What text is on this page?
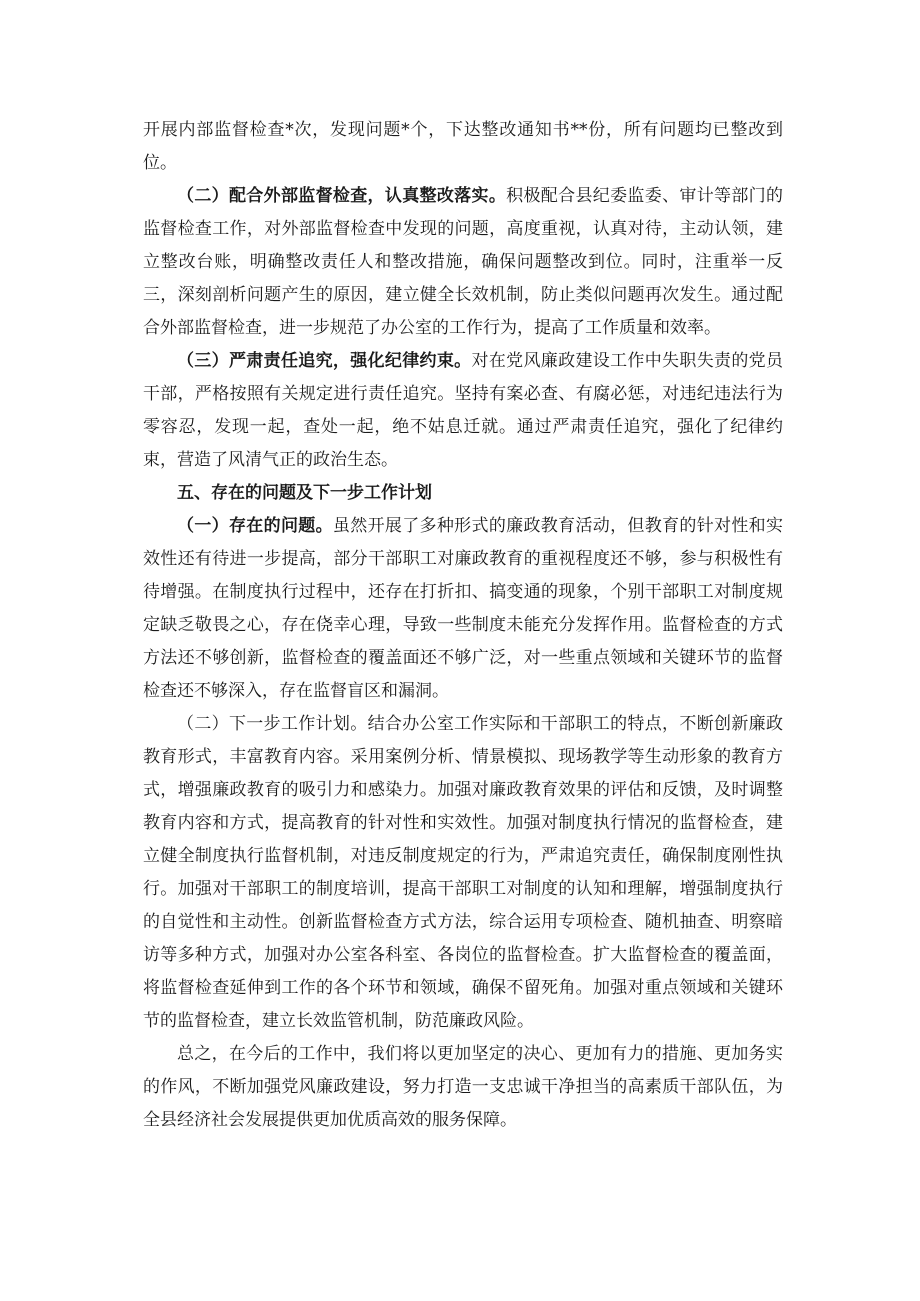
开展内部监督检查*次，发现问题*个，下达整改通知书**份，所有问题均已整改到位。

（二）配合外部监督检查，认真整改落实。积极配合县纪委监委、审计等部门的监督检查工作，对外部监督检查中发现的问题，高度重视，认真对待，主动认领，建立整改台账，明确整改责任人和整改措施，确保问题整改到位。同时，注重举一反三，深刻剖析问题产生的原因，建立健全长效机制，防止类似问题再次发生。通过配合外部监督检查，进一步规范了办公室的工作行为，提高了工作质量和效率。

（三）严肃责任追究，强化纪律约束。对在党风廉政建设工作中失职失责的党员干部，严格按照有关规定进行责任追究。坚持有案必查、有腐必惩，对违纪违法行为零容忍，发现一起，查处一起，绝不姑息迁就。通过严肃责任追究，强化了纪律约束，营造了风清气正的政治生态。

五、存在的问题及下一步工作计划

（一）存在的问题。虽然开展了多种形式的廉政教育活动，但教育的针对性和实效性还有待进一步提高，部分干部职工对廉政教育的重视程度还不够，参与积极性有待增强。在制度执行过程中，还存在打折扣、搞变通的现象，个别干部职工对制度规定缺乏敬畏之心，存在侥幸心理，导致一些制度未能充分发挥作用。监督检查的方式方法还不够创新，监督检查的覆盖面还不够广泛，对一些重点领域和关键环节的监督检查还不够深入，存在监督盲区和漏洞。

（二）下一步工作计划。结合办公室工作实际和干部职工的特点，不断创新廉政教育形式，丰富教育内容。采用案例分析、情景模拟、现场教学等生动形象的教育方式，增强廉政教育的吸引力和感染力。加强对廉政教育效果的评估和反馈，及时调整教育内容和方式，提高教育的针对性和实效性。加强对制度执行情况的监督检查，建立健全制度执行监督机制，对违反制度规定的行为，严肃追究责任，确保制度刚性执行。加强对干部职工的制度培训，提高干部职工对制度的认知和理解，增强制度执行的自觉性和主动性。创新监督检查方式方法，综合运用专项检查、随机抽查、明察暗访等多种方式，加强对办公室各科室、各岗位的监督检查。扩大监督检查的覆盖面，将监督检查延伸到工作的各个环节和领域，确保不留死角。加强对重点领域和关键环节的监督检查，建立长效监管机制，防范廉政风险。

总之，在今后的工作中，我们将以更加坚定的决心、更加有力的措施、更加务实的作风，不断加强党风廉政建设，努力打造一支忠诚干净担当的高素质干部队伍，为全县经济社会发展提供更加优质高效的服务保障。
